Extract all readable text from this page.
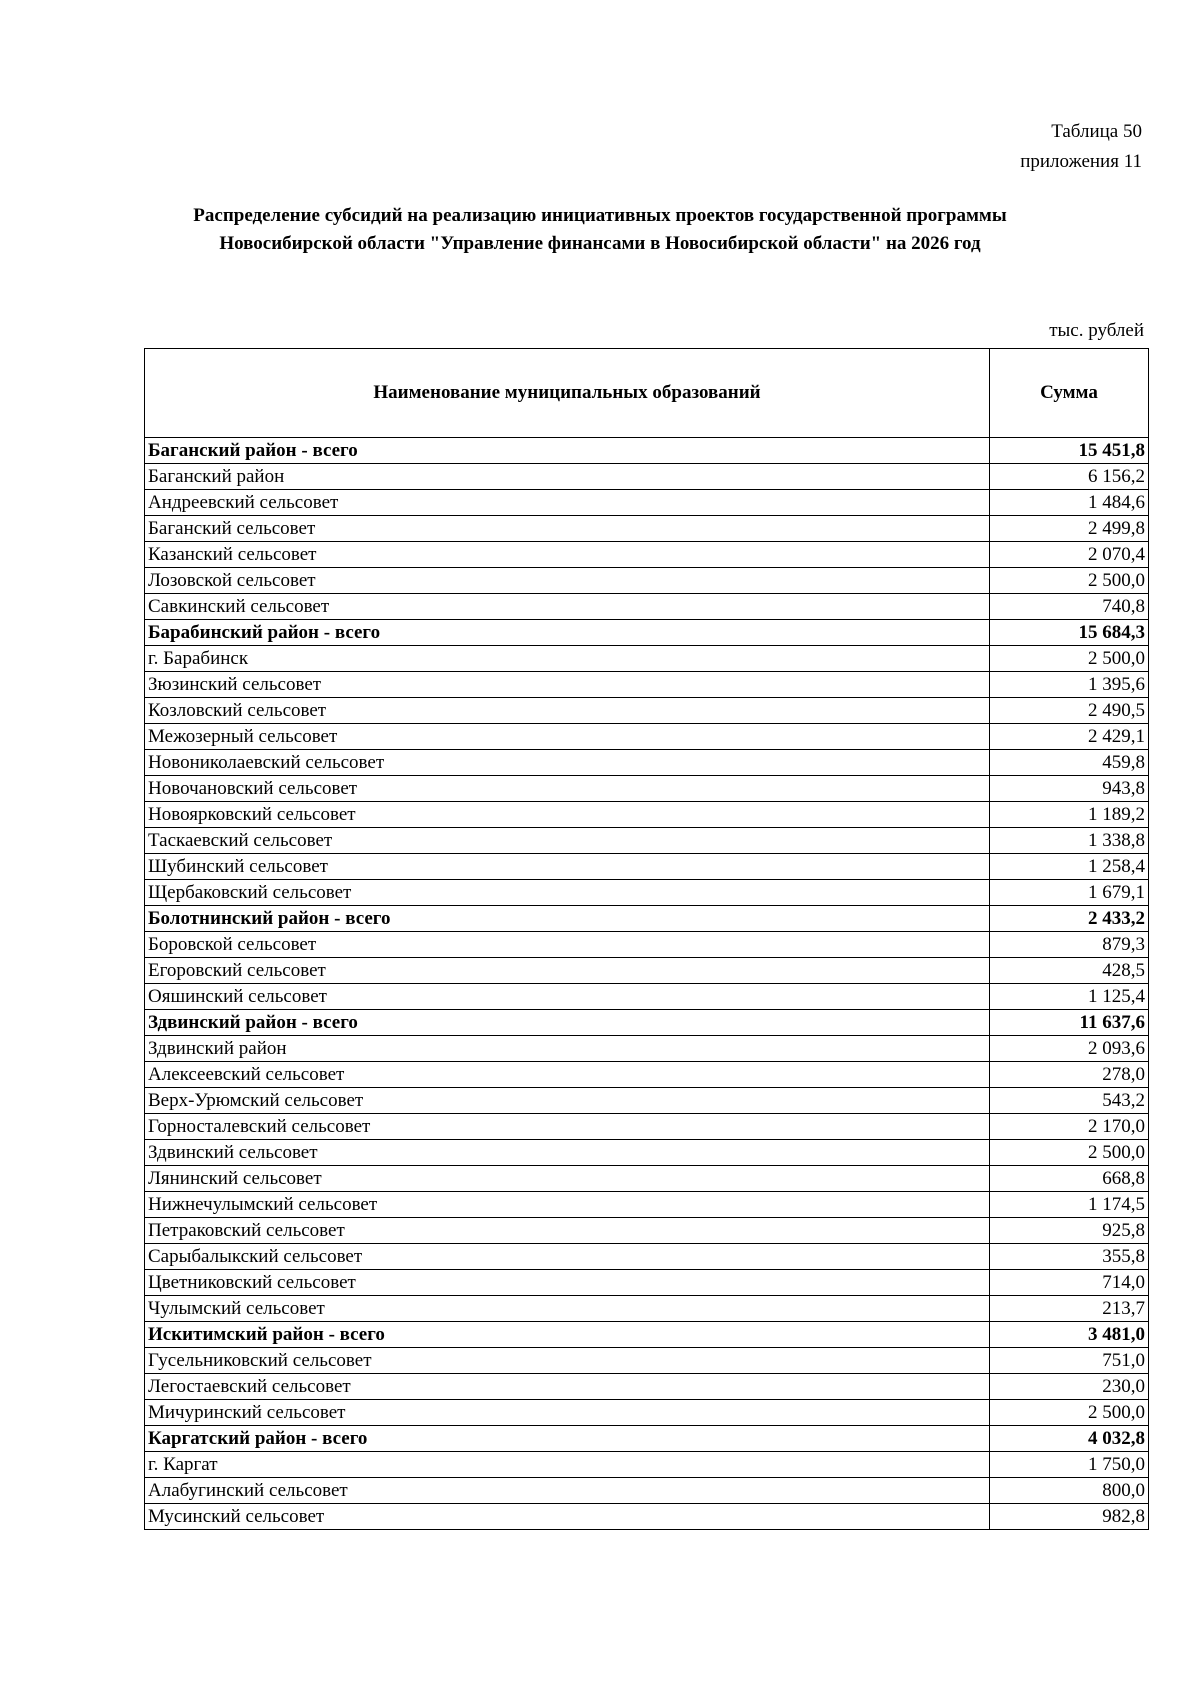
Таблица 50
приложения 11
Распределение субсидий на реализацию инициативных проектов государственной программы
Новосибирской области "Управление финансами в Новосибирской области" на 2026 год
тыс. рублей
Наименование муниципальных образований	Сумма
Баганский район - всего	15 451,8
Баганский район	6 156,2
Андреевский сельсовет	1 484,6
Баганский сельсовет	2 499,8
Казанский сельсовет	2 070,4
Лозовской сельсовет	2 500,0
Савкинский сельсовет	740,8
Барабинский район - всего	15 684,3
г. Барабинск	2 500,0
Зюзинский сельсовет	1 395,6
Козловский сельсовет	2 490,5
Межозерный сельсовет	2 429,1
Новониколаевский сельсовет	459,8
Новочановский сельсовет	943,8
Новоярковский сельсовет	1 189,2
Таскаевский сельсовет	1 338,8
Шубинский сельсовет	1 258,4
Щербаковский сельсовет	1 679,1
Болотнинский район - всего	2 433,2
Боровской сельсовет	879,3
Егоровский сельсовет	428,5
Ояшинский сельсовет	1 125,4
Здвинский район - всего	11 637,6
Здвинский район	2 093,6
Алексеевский сельсовет	278,0
Верх-Урюмский сельсовет	543,2
Горносталевский сельсовет	2 170,0
Здвинский сельсовет	2 500,0
Лянинский сельсовет	668,8
Нижнечулымский сельсовет	1 174,5
Петраковский сельсовет	925,8
Сарыбалыкский сельсовет	355,8
Цветниковский сельсовет	714,0
Чулымский сельсовет	213,7
Искитимский район - всего	3 481,0
Гусельниковский сельсовет	751,0
Легостаевский сельсовет	230,0
Мичуринский сельсовет	2 500,0
Каргатский район - всего	4 032,8
г. Каргат	1 750,0
Алабугинский сельсовет	800,0
Мусинский сельсовет	982,8
